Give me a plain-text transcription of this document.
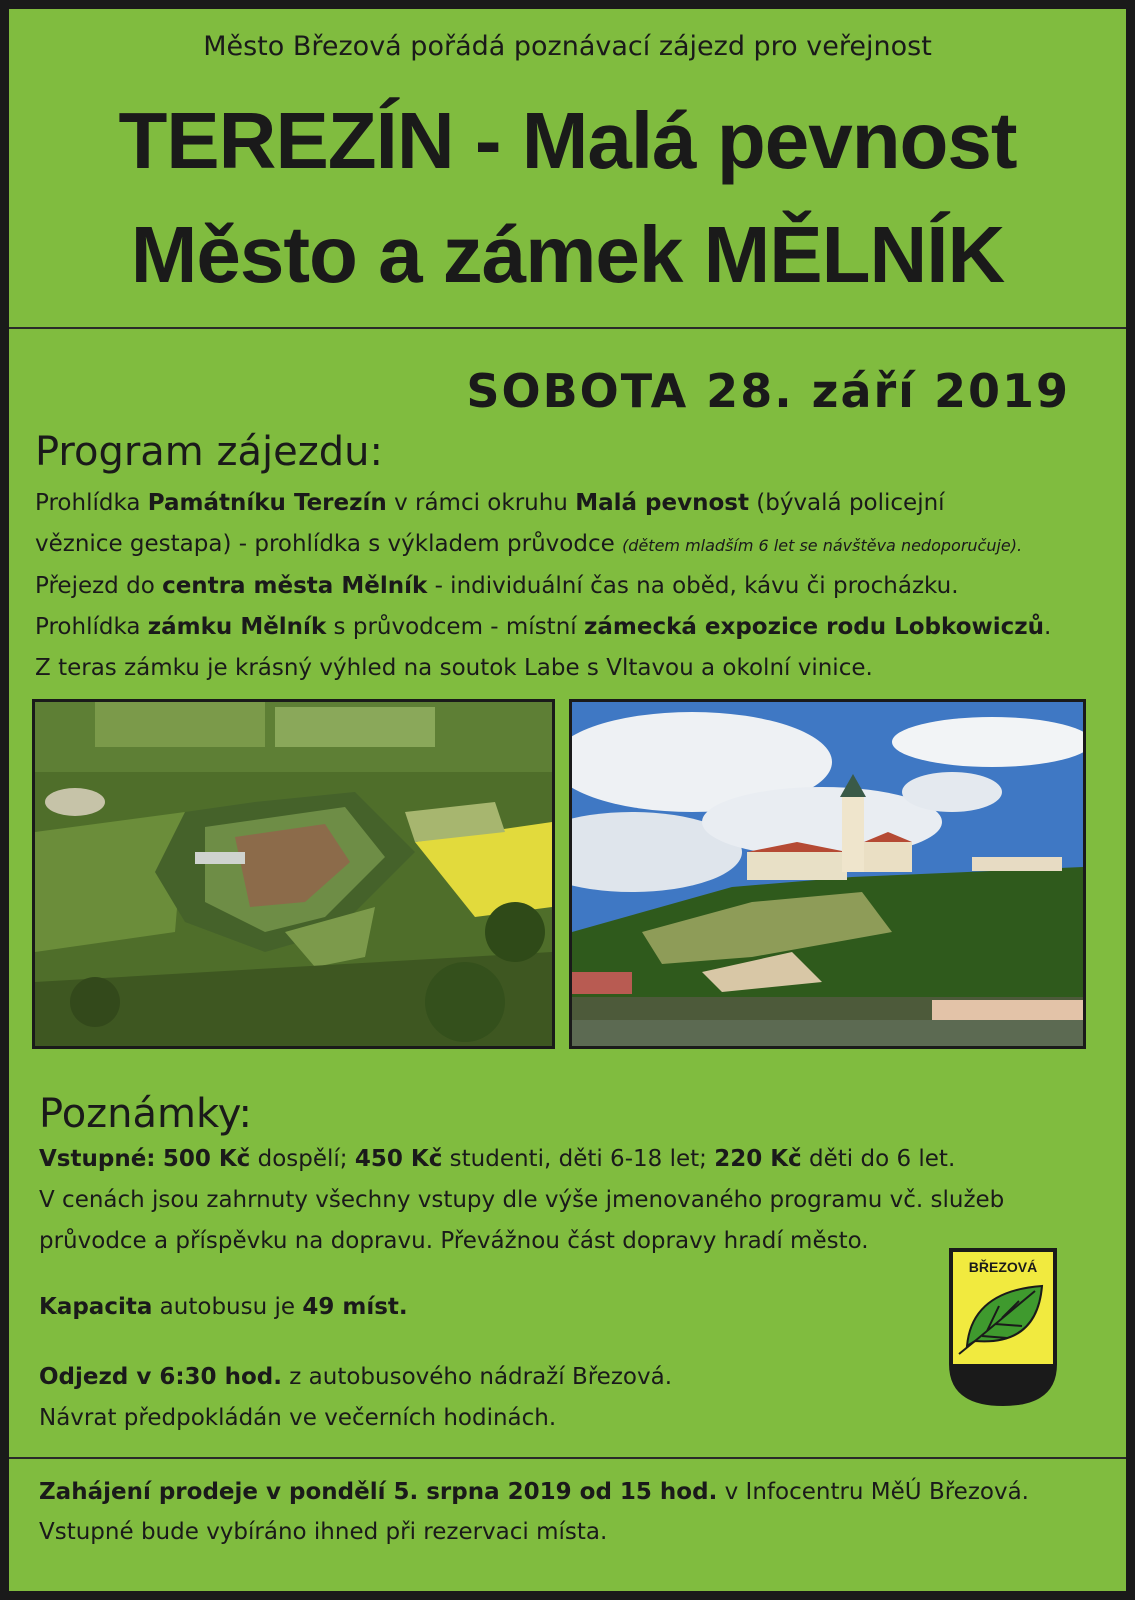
Město Březová pořádá poznávací zájezd pro veřejnost
TEREZÍN - Malá pevnost
Město a zámek MĚLNÍK
SOBOTA 28. září 2019
Program zájezdu:
Prohlídka Památníku Terezín v rámci okruhu Malá pevnost (bývalá policejní
věznice gestapa) - prohlídka s výkladem průvodce (dětem mladším 6 let se návštěva nedoporučuje).
Přejezd do centra města Mělník - individuální čas na oběd, kávu či procházku.
Prohlídka zámku Mělník s průvodcem - místní zámecká expozice rodu Lobkowiczů.
Z teras zámku je krásný výhled na soutok Labe s Vltavou a okolní vinice.
Poznámky:
Vstupné: 500 Kč dospělí; 450 Kč studenti, děti 6-18 let; 220 Kč děti do 6 let.
V cenách jsou zahrnuty všechny vstupy dle výše jmenovaného programu vč. služeb
průvodce a příspěvku na dopravu. Převážnou část dopravy hradí město.
Kapacita autobusu je 49 míst.
Odjezd v 6:30 hod. z autobusového nádraží Březová.
Návrat předpokládán ve večerních hodinách.
BŘEZOVÁ
Zahájení prodeje v pondělí 5. srpna 2019 od 15 hod. v Infocentru MěÚ Březová.
Vstupné bude vybíráno ihned při rezervaci místa.
